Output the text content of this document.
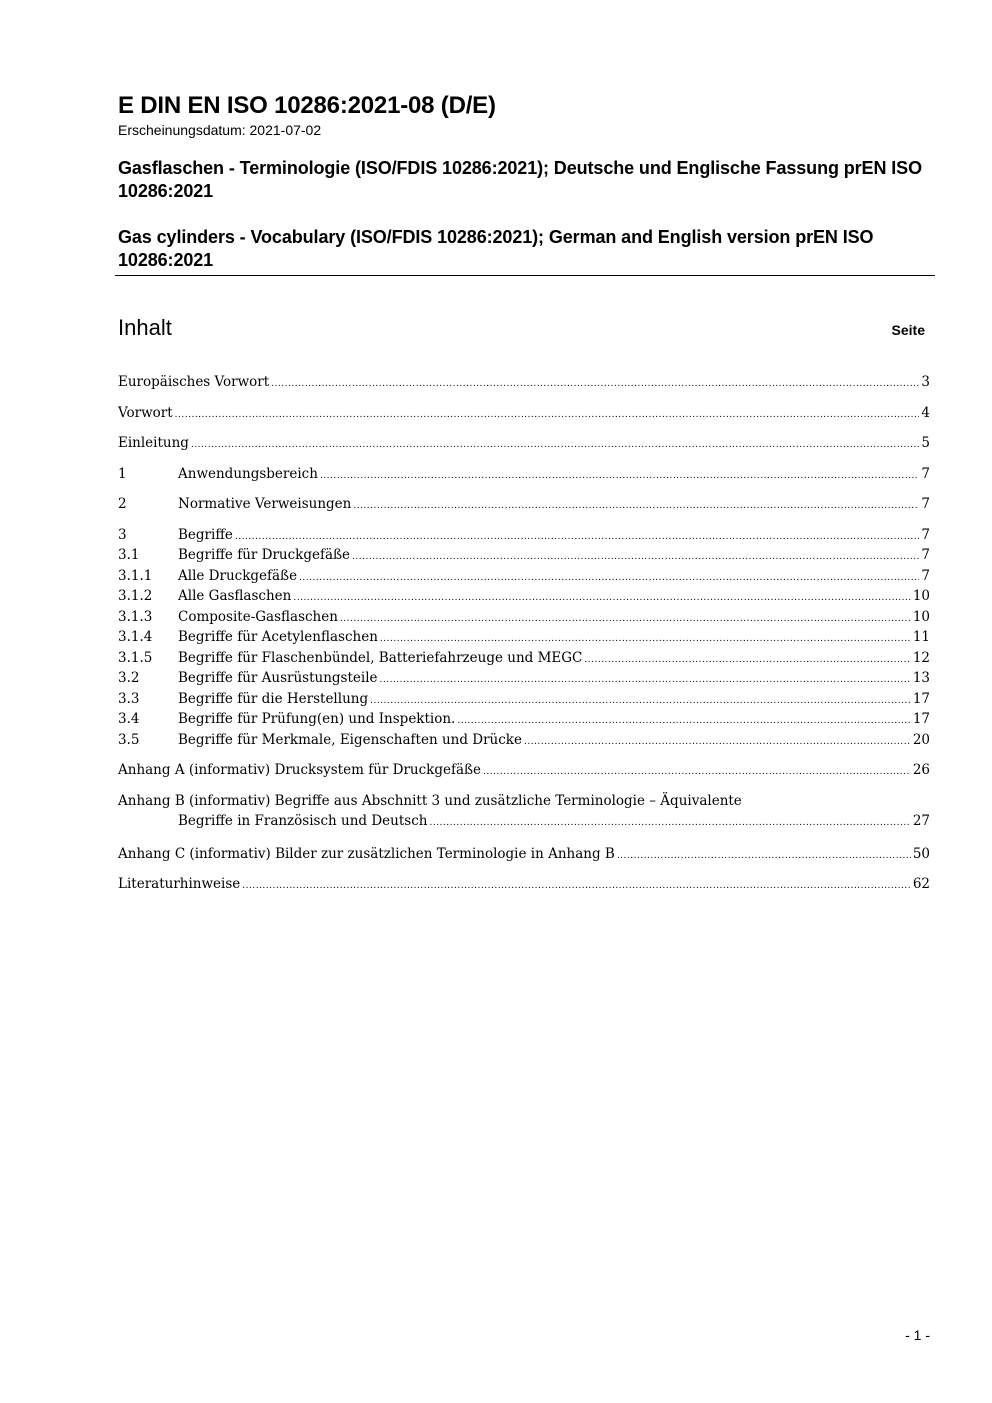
E DIN EN ISO 10286:2021-08 (D/E)
Erscheinungsdatum: 2021-07-02
Gasflaschen - Terminologie (ISO/FDIS 10286:2021); Deutsche und Englische Fassung prEN ISO 10286:2021
Gas cylinders - Vocabulary (ISO/FDIS 10286:2021); German and English version prEN ISO 10286:2021
Inhalt	Seite
Europäisches Vorwort .....	3
Vorwort .....	4
Einleitung .....	5
1	Anwendungsbereich .....	7
2	Normative Verweisungen .....	7
3	Begriffe .....	7
3.1	Begriffe für Druckgefäße .....	7
3.1.1	Alle Druckgefäße .....	7
3.1.2	Alle Gasflaschen .....	10
3.1.3	Composite-Gasflaschen .....	10
3.1.4	Begriffe für Acetylenflaschen .....	11
3.1.5	Begriffe für Flaschenbündel, Batteriefahrzeuge und MEGC .....	12
3.2	Begriffe für Ausrüstungsteile .....	13
3.3	Begriffe für die Herstellung .....	17
3.4	Begriffe für Prüfung(en) und Inspektion. .....	17
3.5	Begriffe für Merkmale, Eigenschaften und Drücke .....	20
Anhang A (informativ) Drucksystem für Druckgefäße .....	26
Anhang B (informativ) Begriffe aus Abschnitt 3 und zusätzliche Terminologie – Äquivalente
Begriffe in Französisch und Deutsch .....	27
Anhang C (informativ) Bilder zur zusätzlichen Terminologie in Anhang B .....	50
Literaturhinweise .....	62
- 1 -
